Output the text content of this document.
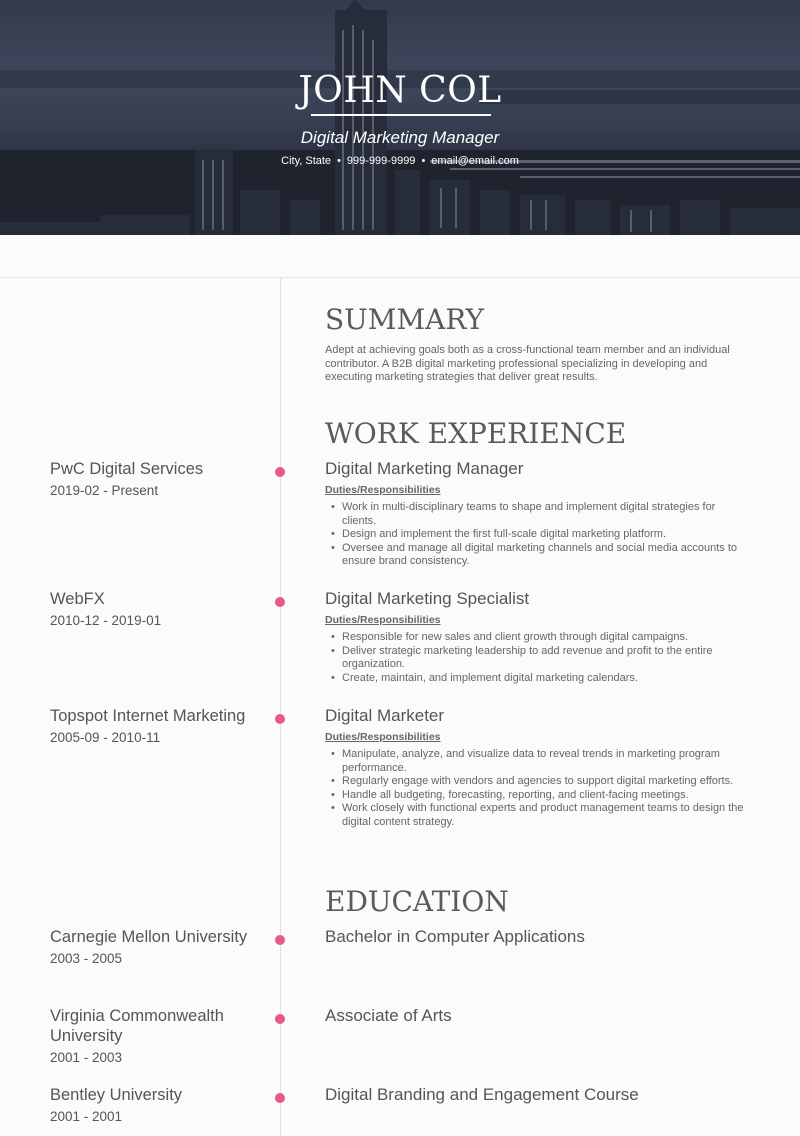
JOHN COL
Digital Marketing Manager
City, State • 999-999-9999 • email@email.com
SUMMARY
Adept at achieving goals both as a cross-functional team member and an individual contributor. A B2B digital marketing professional specializing in developing and executing marketing strategies that deliver great results.
WORK EXPERIENCE
PwC Digital Services
2019-02 - Present
Digital Marketing Manager
Duties/Responsibilities
• Work in multi-disciplinary teams to shape and implement digital strategies for clients.
• Design and implement the first full-scale digital marketing platform.
• Oversee and manage all digital marketing channels and social media accounts to ensure brand consistency.
WebFX
2010-12 - 2019-01
Digital Marketing Specialist
Duties/Responsibilities
• Responsible for new sales and client growth through digital campaigns.
• Deliver strategic marketing leadership to add revenue and profit to the entire organization.
• Create, maintain, and implement digital marketing calendars.
Topspot Internet Marketing
2005-09 - 2010-11
Digital Marketer
Duties/Responsibilities
• Manipulate, analyze, and visualize data to reveal trends in marketing program performance.
• Regularly engage with vendors and agencies to support digital marketing efforts.
• Handle all budgeting, forecasting, reporting, and client-facing meetings.
• Work closely with functional experts and product management teams to design the digital content strategy.
EDUCATION
Carnegie Mellon University
2003 - 2005
Bachelor in Computer Applications
Virginia Commonwealth University
2001 - 2003
Associate of Arts
Bentley University
2001 - 2001
Digital Branding and Engagement Course
